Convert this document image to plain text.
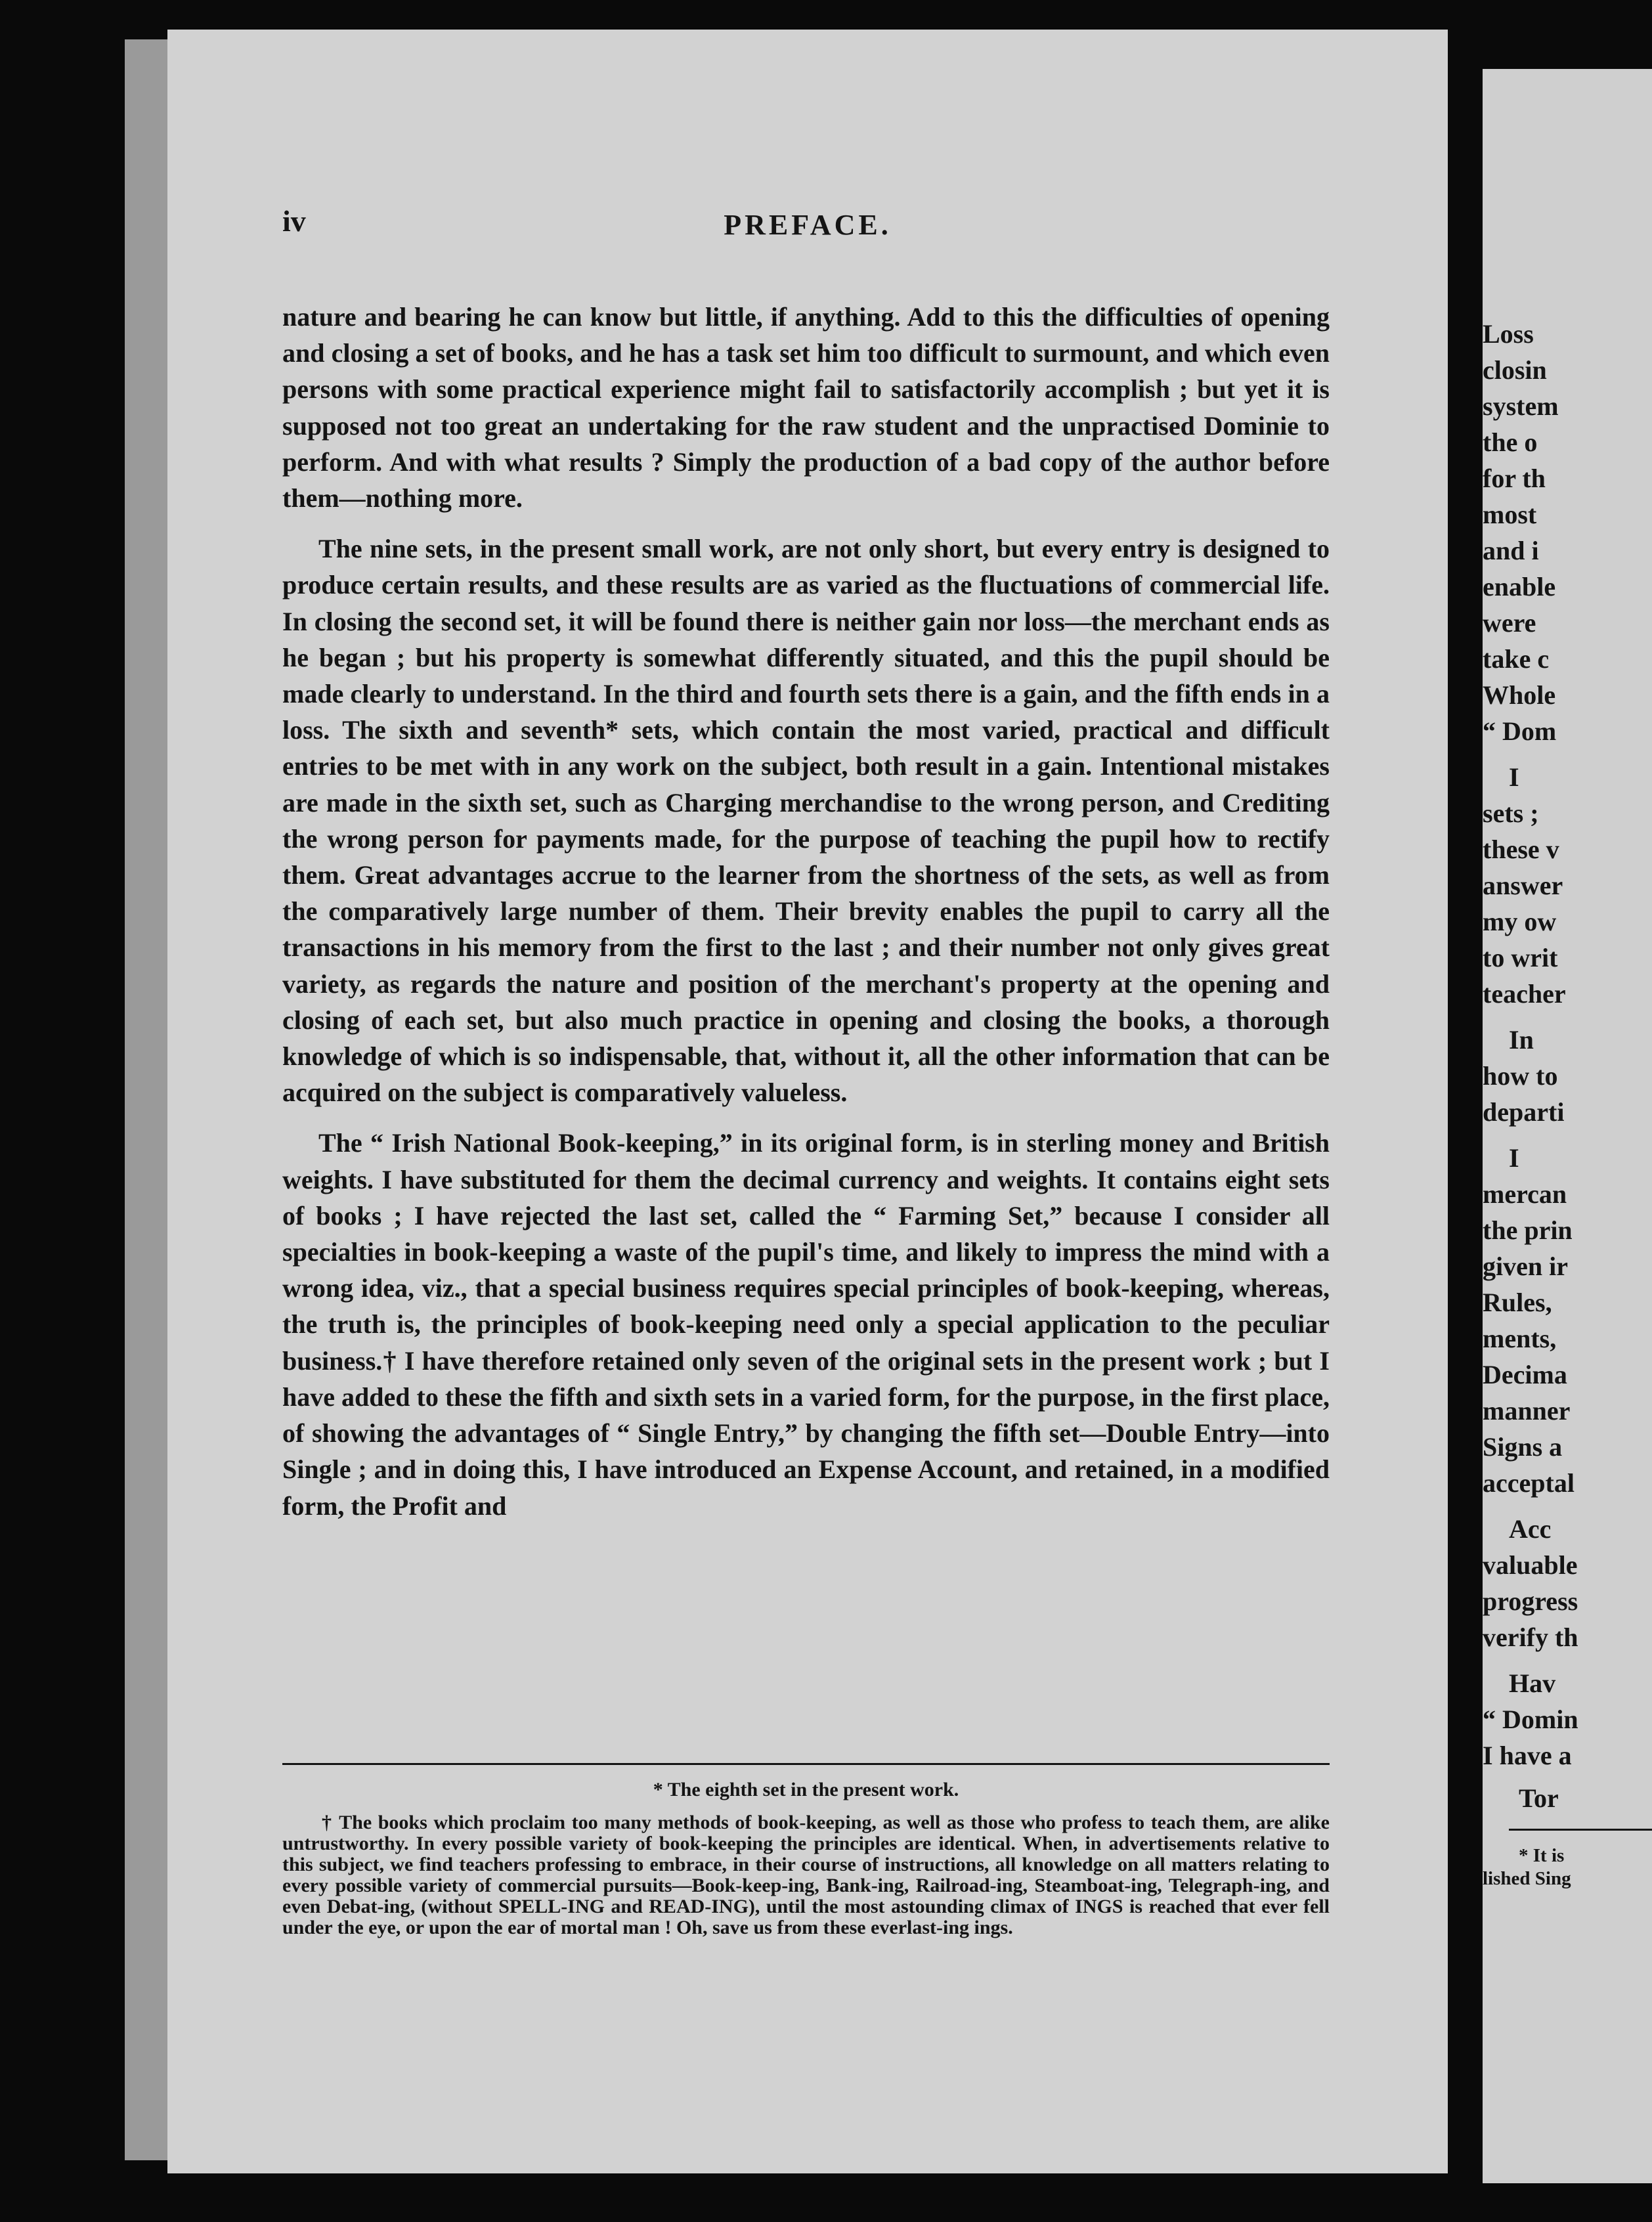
iv	PREFACE.

nature and bearing he can know but little, if anything. Add to this the difficulties of opening and closing a set of books, and he has a task set him too difficult to surmount, and which even persons with some practical experience might fail to satisfactorily accomplish ; but yet it is supposed not too great an undertaking for the raw student and the unpractised Dominie to perform. And with what results ? Simply the production of a bad copy of the author before them—nothing more.

The nine sets, in the present small work, are not only short, but every entry is designed to produce certain results, and these results are as varied as the fluctuations of commercial life. In closing the second set, it will be found there is neither gain nor loss—the merchant ends as he began ; but his property is somewhat differently situated, and this the pupil should be made clearly to understand. In the third and fourth sets there is a gain, and the fifth ends in a loss. The sixth and seventh* sets, which contain the most varied, practical and difficult entries to be met with in any work on the subject, both result in a gain. Intentional mistakes are made in the sixth set, such as Charging merchandise to the wrong person, and Crediting the wrong person for payments made, for the purpose of teaching the pupil how to rectify them. Great advantages accrue to the learner from the shortness of the sets, as well as from the comparatively large number of them. Their brevity enables the pupil to carry all the transactions in his memory from the first to the last ; and their number not only gives great variety, as regards the nature and position of the merchant's property at the opening and closing of each set, but also much practice in opening and closing the books, a thorough knowledge of which is so indispensable, that, without it, all the other information that can be acquired on the subject is comparatively valueless.

The “ Irish National Book-keeping,” in its original form, is in sterling money and British weights. I have substituted for them the decimal currency and weights. It contains eight sets of books ; I have rejected the last set, called the “ Farming Set,” because I consider all specialties in book-keeping a waste of the pupil's time, and likely to impress the mind with a wrong idea, viz., that a special business requires special principles of book-keeping, whereas, the truth is, the principles of book-keeping need only a special application to the peculiar business.† I have therefore retained only seven of the original sets in the present work ; but I have added to these the fifth and sixth sets in a varied form, for the purpose, in the first place, of showing the advantages of “ Single Entry,” by changing the fifth set—Double Entry—into Single ; and in doing this, I have introduced an Expense Account, and retained, in a modified form, the Profit and

* The eighth set in the present work.
† The books which proclaim too many methods of book-keeping, as well as those who profess to teach them, are alike untrustworthy. In every possible variety of book-keeping the principles are identical. When, in advertisements relative to this subject, we find teachers professing to embrace, in their course of instructions, all knowledge on all matters relating to every possible variety of commercial pursuits—Book-keep-ing, Bank-ing, Railroad-ing, Steamboat-ing, Telegraph-ing, and even Debat-ing, (without SPELL-ING and READ-ING), until the most astounding climax of INGS is reached that ever fell under the eye, or upon the ear of mortal man ! Oh, save us from these everlast-ing ings.
Loss
closin
system
the o
for th
most
and i
enable
were
take c
Whole
“ Dom
I
sets ;
these v
answer
my ow
to writ
teacher
In
how to
departi
I
mercan
the prin
given ir
Rules,
ments,
Decima
manner
Signs a
acceptal
Acc
valuable
progress
verify th
Hav
“ Domin
I have a
Tor
* It is
lished Sing
